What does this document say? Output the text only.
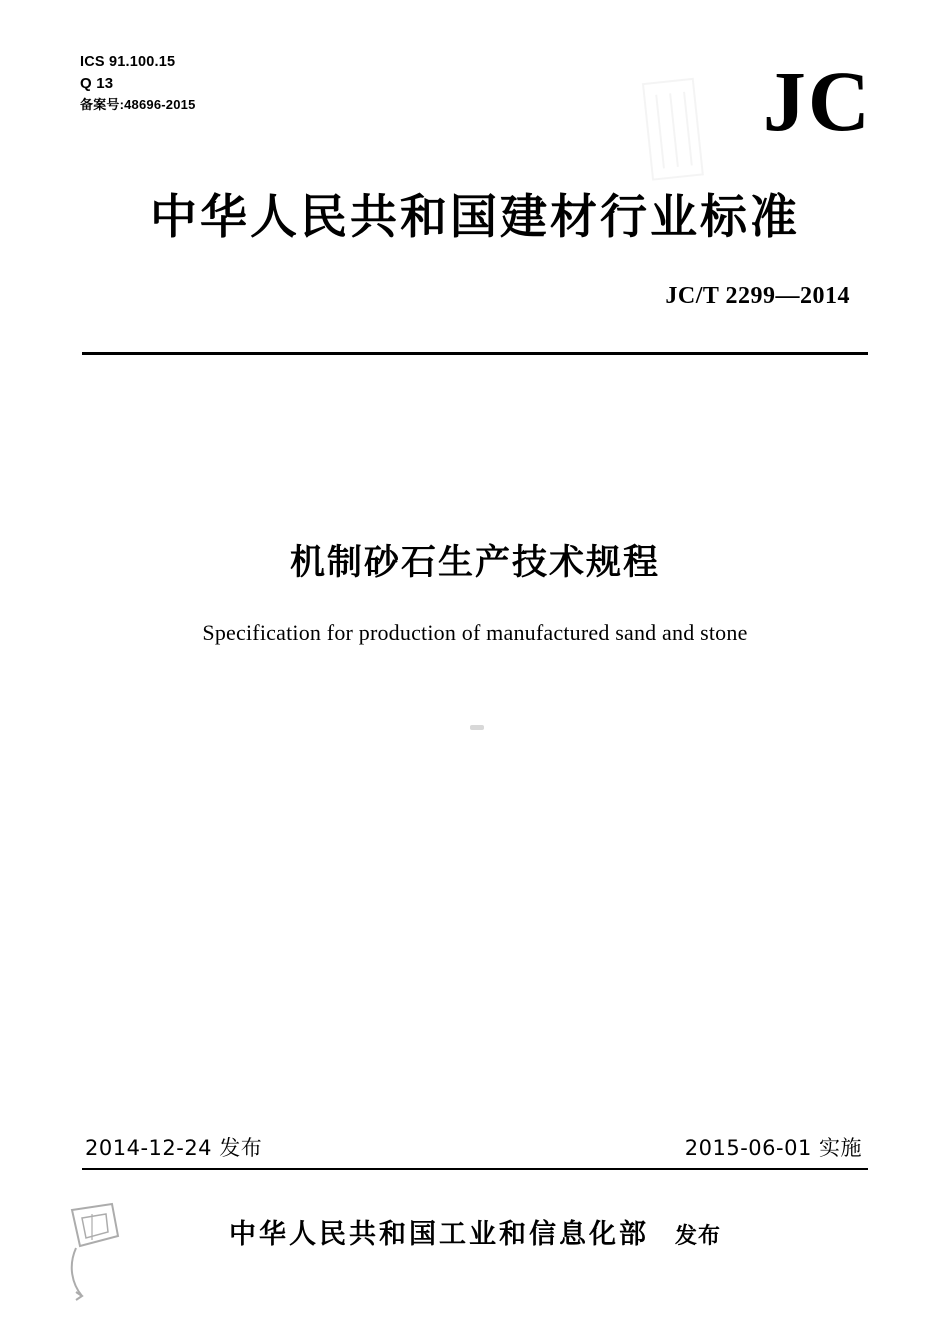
ICS 91.100.15
Q 13
备案号:48696-2015	JC
中华人民共和国建材行业标准
JC/T 2299—2014
机制砂石生产技术规程
Specification for production of manufactured sand and stone
2014-12-24 发布	2015-06-01 实施
中华人民共和国工业和信息化部 发布
